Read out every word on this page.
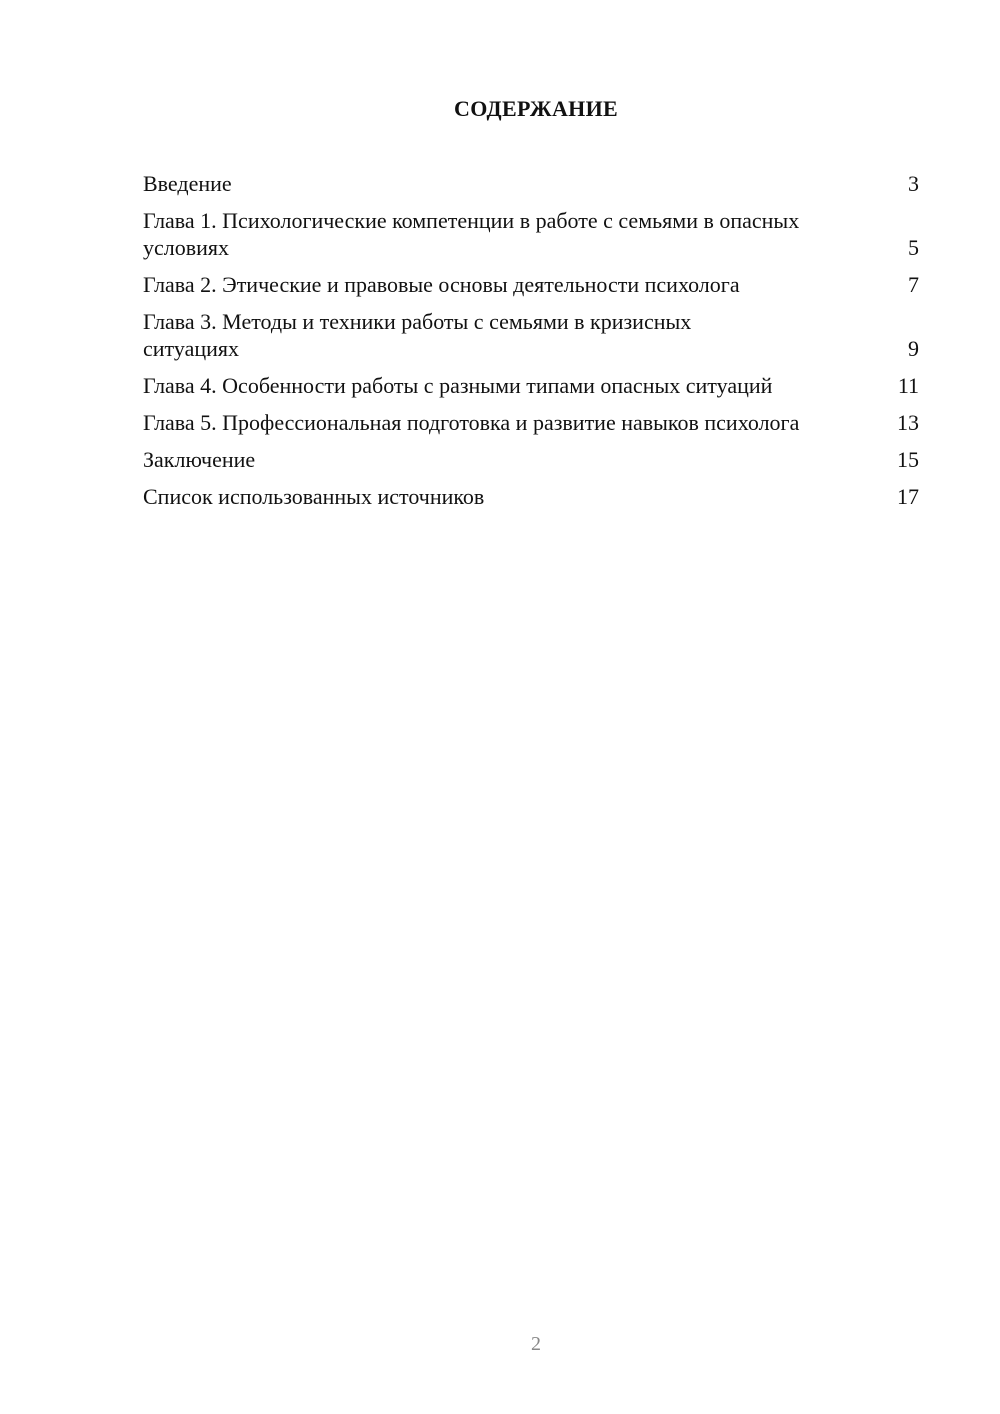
СОДЕРЖАНИЕ
Введение	3
Глава 1. Психологические компетенции в работе с семьями в опасных условиях	5
Глава 2. Этические и правовые основы деятельности психолога	7
Глава 3. Методы и техники работы с семьями в кризисных ситуациях	9
Глава 4. Особенности работы с разными типами опасных ситуаций	11
Глава 5. Профессиональная подготовка и развитие навыков психолога	13
Заключение	15
Список использованных источников	17
2
